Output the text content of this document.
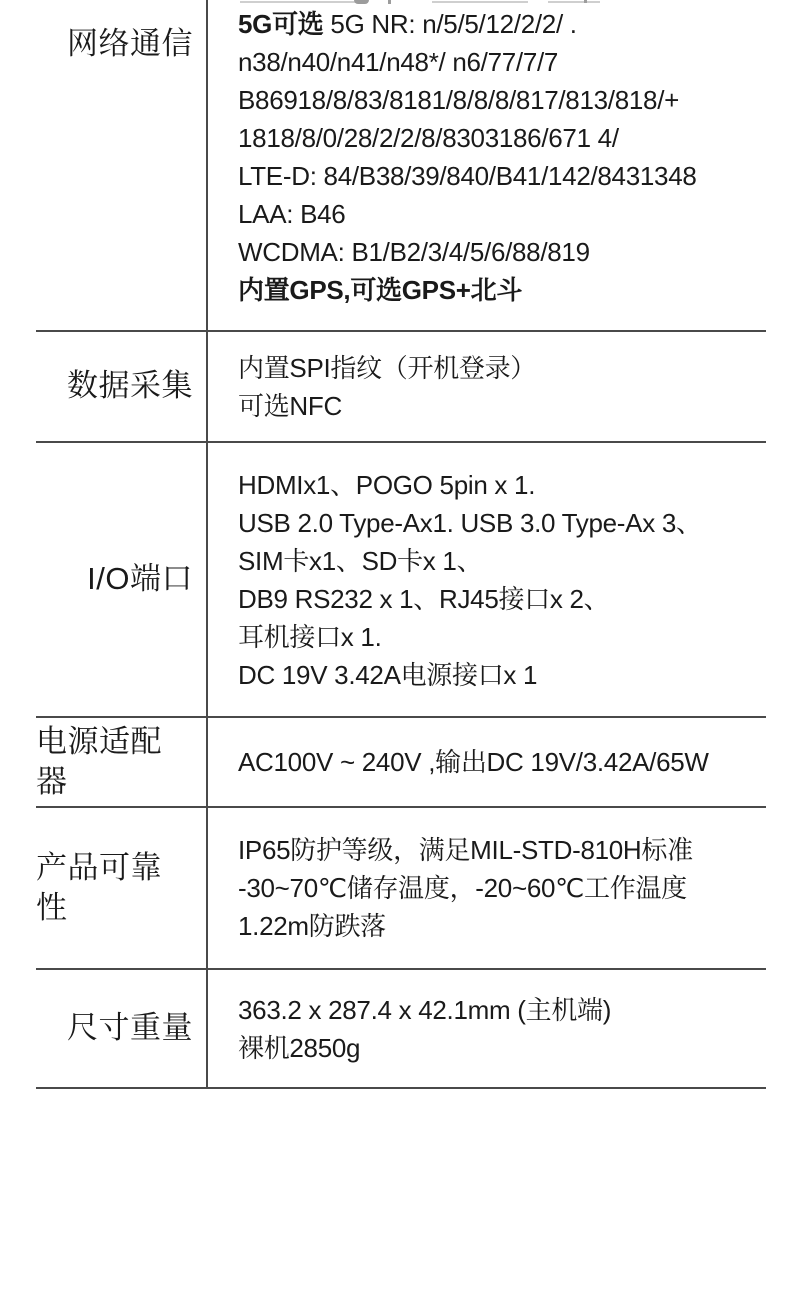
网络通信
5G可选 5G NR: n/5/5/12/2/2/ .
n38/n40/n41/n48*/ n6/77/7/7
B86918/8/83/8181/8/8/8/817/813/818/+
1818/8/0/28/2/2/8/8303186/671 4/
LTE-D: 84/B38/39/840/B41/142/8431348
LAA: B46
WCDMA: B1/B2/3/4/5/6/88/819
内置GPS,可选GPS+北斗
数据采集
内置SPI指纹（开机登录）
可选NFC
I/O端口
HDMIx1、POGO 5pin x 1.
USB 2.0 Type-Ax1. USB 3.0 Type-Ax 3、
SIM卡x1、SD卡x 1、
DB9 RS232 x 1、RJ45接口x 2、
耳机接口x 1.
DC 19V 3.42A电源接口x 1
电源适配器
AC100V ~ 240V ,输出DC 19V/3.42A/65W
产品可靠性
IP65防护等级，满足MIL-STD-810H标准
-30~70℃储存温度，-20~60℃工作温度
1.22m防跌落
尺寸重量
363.2 x 287.4 x 42.1mm (主机端)
裸机2850g
